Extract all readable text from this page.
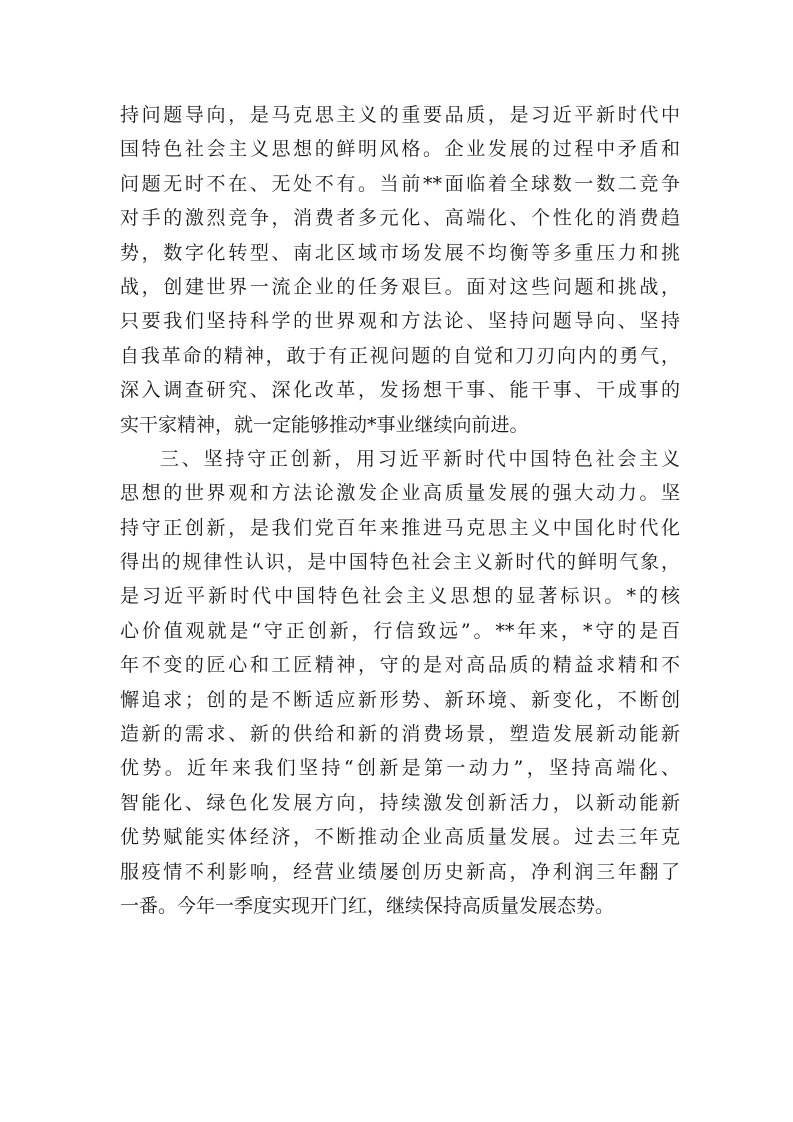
持问题导向，是马克思主义的重要品质，是习近平新时代中
国特色社会主义思想的鲜明风格。企业发展的过程中矛盾和
问题无时不在、无处不有。当前**面临着全球数一数二竞争
对手的激烈竞争，消费者多元化、高端化、个性化的消费趋
势，数字化转型、南北区域市场发展不均衡等多重压力和挑
战，创建世界一流企业的任务艰巨。面对这些问题和挑战，
只要我们坚持科学的世界观和方法论、坚持问题导向、坚持
自我革命的精神，敢于有正视问题的自觉和刀刃向内的勇气，
深入调查研究、深化改革，发扬想干事、能干事、干成事的
实干家精神，就一定能够推动*事业继续向前进。
三、坚持守正创新，用习近平新时代中国特色社会主义
思想的世界观和方法论激发企业高质量发展的强大动力。坚
持守正创新，是我们党百年来推进马克思主义中国化时代化
得出的规律性认识，是中国特色社会主义新时代的鲜明气象，
是习近平新时代中国特色社会主义思想的显著标识。*的核
心价值观就是“守正创新，行信致远”。**年来，*守的是百
年不变的匠心和工匠精神，守的是对高品质的精益求精和不
懈追求；创的是不断适应新形势、新环境、新变化，不断创
造新的需求、新的供给和新的消费场景，塑造发展新动能新
优势。近年来我们坚持“创新是第一动力”，坚持高端化、
智能化、绿色化发展方向，持续激发创新活力，以新动能新
优势赋能实体经济，不断推动企业高质量发展。过去三年克
服疫情不利影响，经营业绩屡创历史新高，净利润三年翻了
一番。今年一季度实现开门红，继续保持高质量发展态势。
